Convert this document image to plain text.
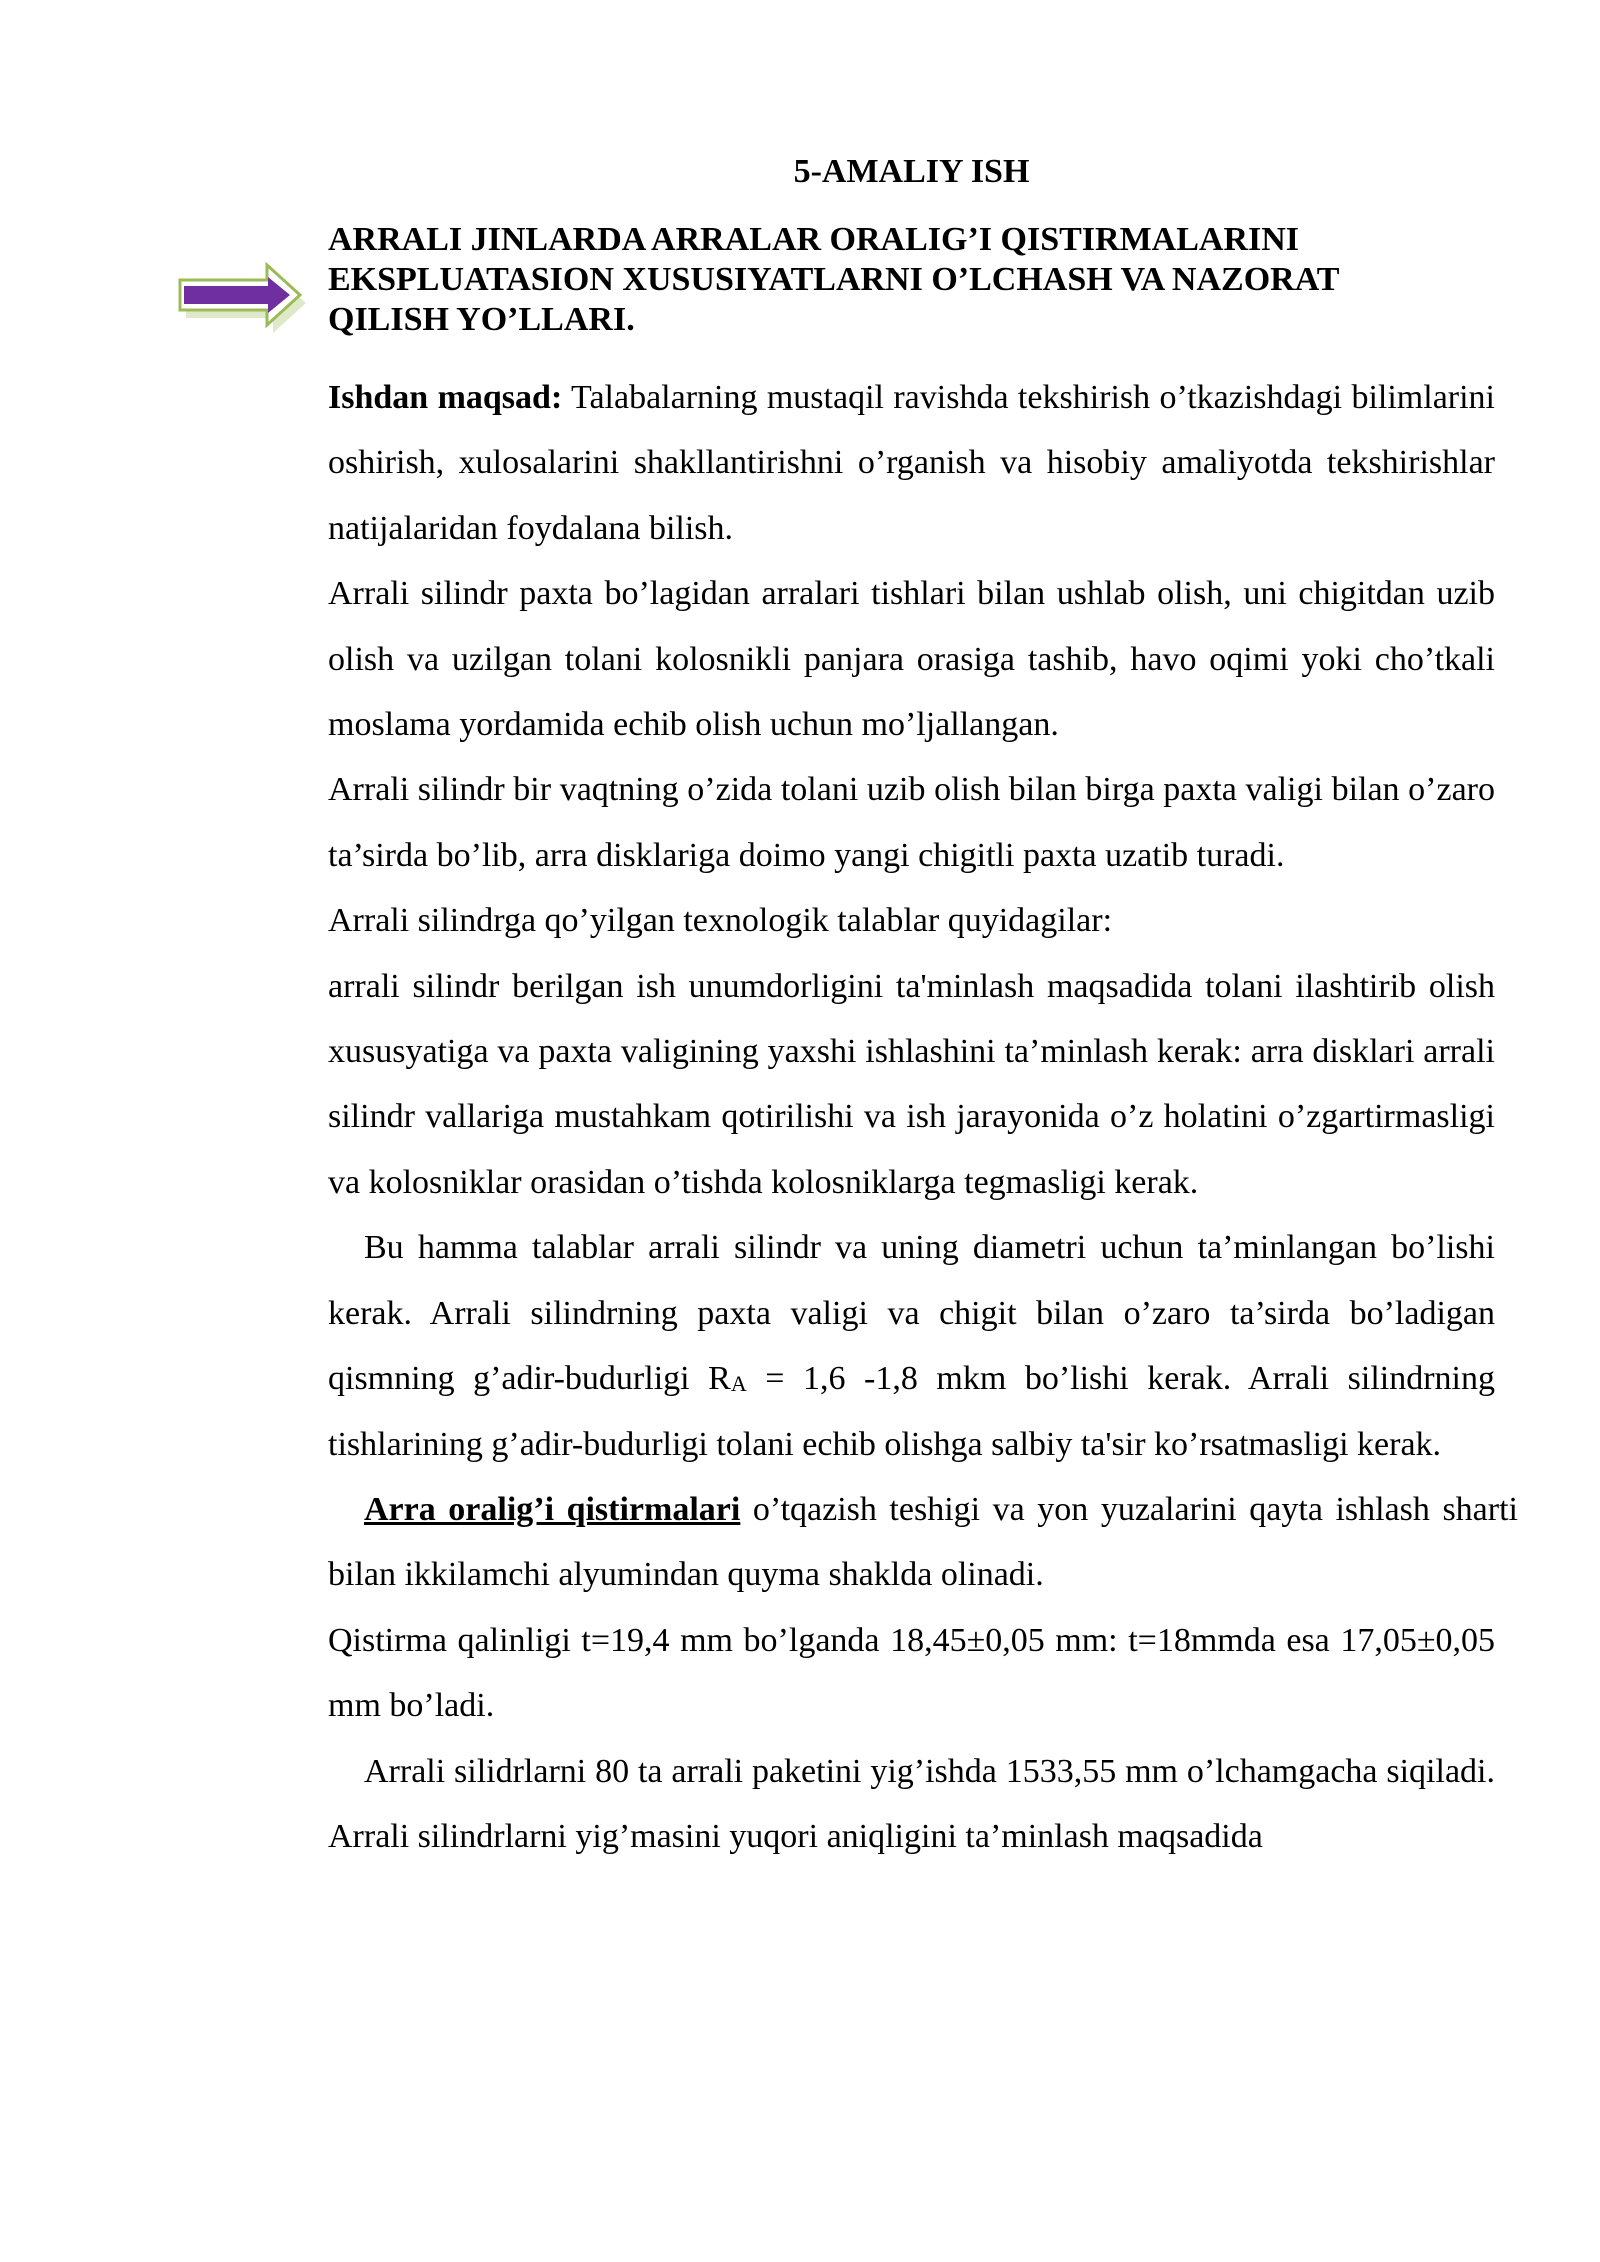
5-AMALIY ISH
ARRALI JINLARDA ARRALAR ORALIG’I QISTIRMALARINI
EKSPLUATASION XUSUSIYATLARNI O’LCHASH VA NAZORAT
QILISH YO’LLARI.

Ishdan maqsad: Talabalarning mustaqil ravishda tekshirish o’tkazishdagi bilimlarini oshirish, xulosalarini shakllantirishni o’rganish va hisobiy amaliyotda tekshirishlar natijalaridan foydalana bilish.

Arrali silindr paxta bo’lagidan arralari tishlari bilan ushlab olish, uni chigitdan uzib olish va uzilgan tolani kolosnikli panjara orasiga tashib, havo oqimi yoki cho’tkali moslama yordamida echib olish uchun mo’ljallangan.

Arrali silindr bir vaqtning o’zida tolani uzib olish bilan birga paxta valigi bilan o’zaro ta’sirda bo’lib, arra disklariga doimo yangi chigitli paxta uzatib turadi.

Arrali silindrga qo’yilgan texnologik talablar quyidagilar:

arrali silindr berilgan ish unumdorligini ta'minlash maqsadida tolani ilashtirib olish xususyatiga va paxta valigining yaxshi ishlashini ta’minlash kerak: arra disklari arrali silindr vallariga mustahkam qotirilishi va ish jarayonida o’z holatini o’zgartirmasligi va kolosniklar orasidan o’tishda kolosniklarga tegmasligi kerak.

Bu hamma talablar arrali silindr va uning diametri uchun ta’minlangan bo’lishi kerak. Arrali silindrning paxta valigi va chigit bilan o’zaro ta’sirda bo’ladigan qismning g’adir-budurligi $R_A = 1,6$ -1,8 mkm bo’lishi kerak. Arrali silindrning tishlarining g’adir-budurligi tolani echib olishga salbiy ta'sir ko’rsatmasligi kerak.

Arra oralig’i qistirmalari o’tqazish teshigi va yon yuzalarini qayta ishlash sharti bilan ikkilamchi alyumindan quyma shaklda olinadi.

Qistirma qalinligi t=19,4 mm bo’lganda 18,45±0,05 mm: t=18mmda esa 17,05±0,05 mm bo’ladi.

Arrali silidrlarni 80 ta arrali paketini yig’ishda 1533,55 mm o’lchamgacha siqiladi. Arrali silindrlarni yig’masini yuqori aniqligini ta’minlash maqsadida
